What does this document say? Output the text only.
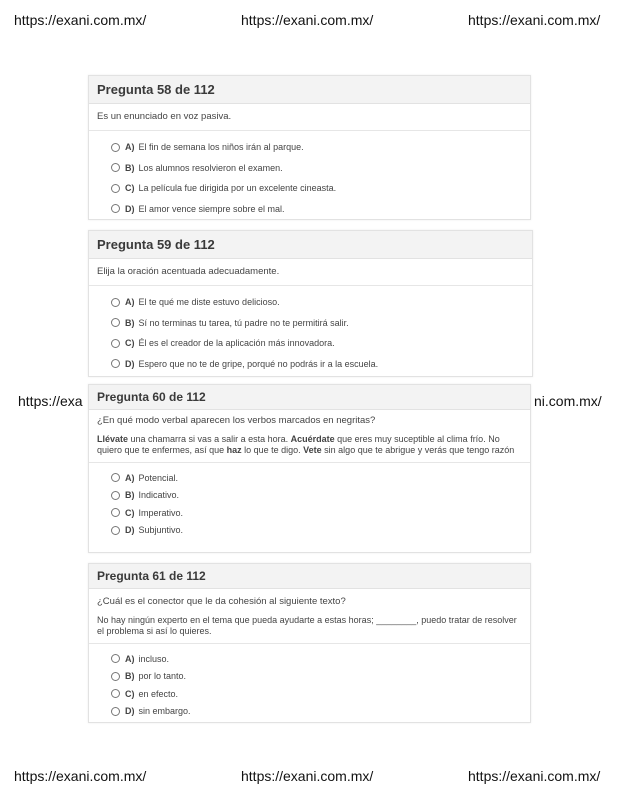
https://exani.com.mx/	https://exani.com.mx/	https://exani.com.mx/
https://exa	ni.com.mx/
https://exani.com.mx/	https://exani.com.mx/	https://exani.com.mx/
Pregunta 58 de 112
Es un enunciado en voz pasiva.
A) El fin de semana los niños irán al parque.
B) Los alumnos resolvieron el examen.
C) La película fue dirigida por un excelente cineasta.
D) El amor vence siempre sobre el mal.
Pregunta 59 de 112
Elija la oración acentuada adecuadamente.
A) El te qué me diste estuvo delicioso.
B) Sí no terminas tu tarea, tú padre no te permitirá salir.
C) Él es el creador de la aplicación más innovadora.
D) Espero que no te de gripe, porqué no podrás ir a la escuela.
Pregunta 60 de 112
¿En qué modo verbal aparecen los verbos marcados en negritas?
Llévate una chamarra si vas a salir a esta hora. Acuérdate que eres muy suceptible al clima frío. No quiero que te enfermes, así que haz lo que te digo. Vete sin algo que te abrigue y verás que tengo razón
A) Potencial.
B) Indicativo.
C) Imperativo.
D) Subjuntivo.
Pregunta 61 de 112
¿Cuál es el conector que le da cohesión al siguiente texto?
No hay ningún experto en el tema que pueda ayudarte a estas horas; ________, puedo tratar de resolver el problema si así lo quieres.
A) incluso.
B) por lo tanto.
C) en efecto.
D) sin embargo.
